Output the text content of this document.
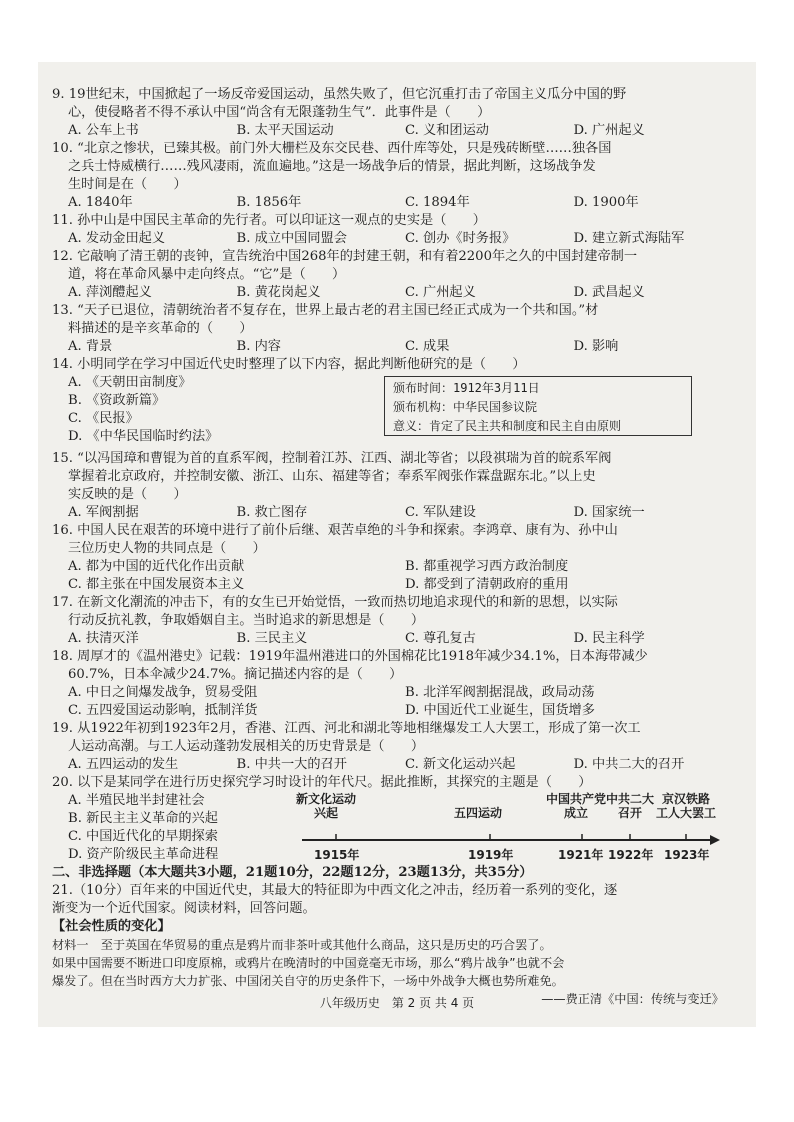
9. 19世纪末，中国掀起了一场反帝爱国运动，虽然失败了，但它沉重打击了帝国主义瓜分中国的野
心，使侵略者不得不承认中国“尚含有无限蓬勃生气”．此事件是（　　）
A. 公车上书	B. 太平天国运动	C. 义和团运动	D. 广州起义
10. “北京之惨状，已臻其极。前门外大栅栏及东交民巷、西什库等处，只是残砖断壁……独各国
之兵士恃威横行……残风凄雨，流血遍地。”这是一场战争后的情景，据此判断，这场战争发
生时间是在（　　）
A. 1840年	B. 1856年	C. 1894年	D. 1900年
11. 孙中山是中国民主革命的先行者。可以印证这一观点的史实是（　　）
A. 发动金田起义	B. 成立中国同盟会	C. 创办《时务报》	D. 建立新式海陆军
12. 它敲响了清王朝的丧钟，宣告统治中国268年的封建王朝，和有着2200年之久的中国封建帝制一
道，将在革命风暴中走向终点。“它”是（　　）
A. 萍浏醴起义	B. 黄花岗起义	C. 广州起义	D. 武昌起义
13. “天子已退位，清朝统治者不复存在，世界上最古老的君主国已经正式成为一个共和国。”材
料描述的是辛亥革命的（　　）
A. 背景	B. 内容	C. 成果	D. 影响
14. 小明同学在学习中国近代史时整理了以下内容，据此判断他研究的是（　　）
A. 《天朝田亩制度》
B. 《资政新篇》
C. 《民报》
D. 《中华民国临时约法》
颁布时间：1912年3月11日
颁布机构：中华民国参议院
意义：肯定了民主共和制度和民主自由原则
15. “以冯国璋和曹锟为首的直系军阀，控制着江苏、江西、湖北等省；以段祺瑞为首的皖系军阀
掌握着北京政府，并控制安徽、浙江、山东、福建等省；奉系军阀张作霖盘踞东北。”以上史
实反映的是（　　）
A. 军阀割据	B. 救亡图存	C. 军队建设	D. 国家统一
16. 中国人民在艰苦的环境中进行了前仆后继、艰苦卓绝的斗争和探索。李鸿章、康有为、孙中山
三位历史人物的共同点是（　　）
A. 都为中国的近代化作出贡献	B. 都重视学习西方政治制度
C. 都主张在中国发展资本主义	D. 都受到了清朝政府的重用
17. 在新文化潮流的冲击下，有的女生已开始觉悟，一致而热切地追求现代的和新的思想，以实际
行动反抗礼教，争取婚姻自主。当时追求的新思想是（　　）
A. 扶清灭洋	B. 三民主义	C. 尊孔复古	D. 民主科学
18. 周厚才的《温州港史》记载：1919年温州港进口的外国棉花比1918年减少34.1%，日本海带减少
60.7%，日本伞减少24.7%。摘记描述内容的是（　　）
A. 中日之间爆发战争，贸易受阻	B. 北洋军阀割据混战，政局动荡
C. 五四爱国运动影响，抵制洋货	D. 中国近代工业诞生，国货增多
19. 从1922年初到1923年2月，香港、江西、河北和湖北等地相继爆发工人大罢工，形成了第一次工
人运动高潮。与工人运动蓬勃发展相关的历史背景是（　　）
A. 五四运动的发生	B. 中共一大的召开	C. 新文化运动兴起	D. 中共二大的召开
20. 以下是某同学在进行历史探究学习时设计的年代尺。据此推断，其探究的主题是（　　）
A. 半殖民地半封建社会
B. 新民主主义革命的兴起
C. 中国近代化的早期探索
D. 资产阶级民主革命进程
新文化运动
兴起	五四运动
中国共产党
成立
中共二大
召开
京汉铁路
工人大罢工
1915年	1919年	1921年 1922年 1923年
二、非选择题（本大题共3小题，21题10分，22题12分，23题13分，共35分）
21.（10分）百年来的中国近代史，其最大的特征即为中西文化之冲击，经历着一系列的变化，逐
渐变为一个近代国家。阅读材料，回答问题。
【社会性质的变化】
材料一　至于英国在华贸易的重点是鸦片而非茶叶或其他什么商品，这只是历史的巧合罢了。
如果中国需要不断进口印度原棉，或鸦片在晚清时的中国竟毫无市场，那么“鸦片战争”也就不会
爆发了。但在当时西方大力扩张、中国闭关自守的历史条件下，一场中外战争大概也势所难免。
——费正清《中国：传统与变迁》
八年级历史　第 2 页 共 4 页
